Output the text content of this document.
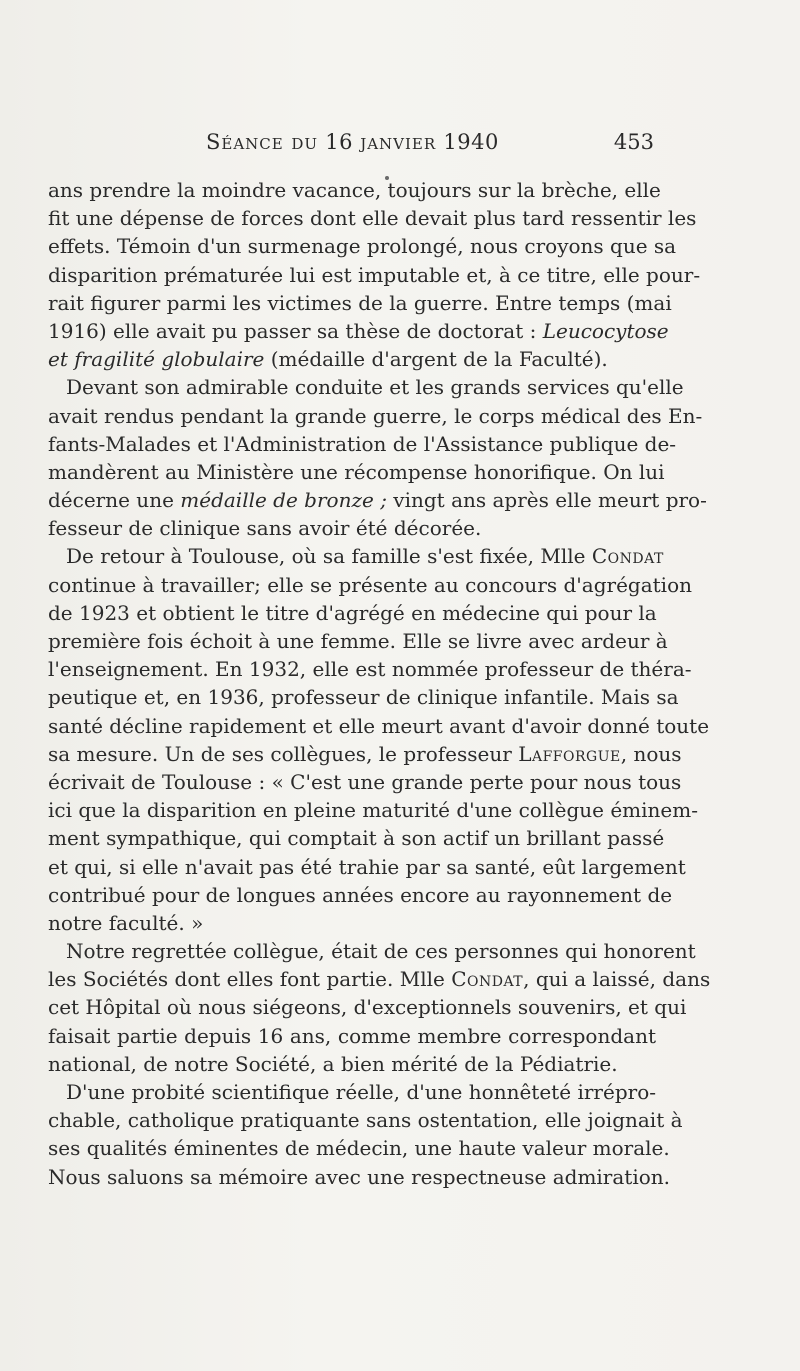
Séance du 16 janvier 1940	453
ans prendre la moindre vacance, toujours sur la brèche, elle
fit une dépense de forces dont elle devait plus tard ressentir les
effets. Témoin d'un surmenage prolongé, nous croyons que sa
disparition prématurée lui est imputable et, à ce titre, elle pour-
rait figurer parmi les victimes de la guerre. Entre temps (mai
1916) elle avait pu passer sa thèse de doctorat : Leucocytose
et fragilité globulaire (médaille d'argent de la Faculté).
Devant son admirable conduite et les grands services qu'elle
avait rendus pendant la grande guerre, le corps médical des En-
fants-Malades et l'Administration de l'Assistance publique de-
mandèrent au Ministère une récompense honorifique. On lui
décerne une médaille de bronze ; vingt ans après elle meurt pro-
fesseur de clinique sans avoir été décorée.
De retour à Toulouse, où sa famille s'est fixée, Mlle Condat
continue à travailler; elle se présente au concours d'agrégation
de 1923 et obtient le titre d'agrégé en médecine qui pour la
première fois échoit à une femme. Elle se livre avec ardeur à
l'enseignement. En 1932, elle est nommée professeur de théra-
peutique et, en 1936, professeur de clinique infantile. Mais sa
santé décline rapidement et elle meurt avant d'avoir donné toute
sa mesure. Un de ses collègues, le professeur Lafforgue, nous
écrivait de Toulouse : « C'est une grande perte pour nous tous
ici que la disparition en pleine maturité d'une collègue éminem-
ment sympathique, qui comptait à son actif un brillant passé
et qui, si elle n'avait pas été trahie par sa santé, eût largement
contribué pour de longues années encore au rayonnement de
notre faculté. »
Notre regrettée collègue, était de ces personnes qui honorent
les Sociétés dont elles font partie. Mlle Condat, qui a laissé, dans
cet Hôpital où nous siégeons, d'exceptionnels souvenirs, et qui
faisait partie depuis 16 ans, comme membre correspondant
national, de notre Société, a bien mérité de la Pédiatrie.
D'une probité scientifique réelle, d'une honnêteté irrépro-
chable, catholique pratiquante sans ostentation, elle joignait à
ses qualités éminentes de médecin, une haute valeur morale.
Nous saluons sa mémoire avec une respectneuse admiration.
